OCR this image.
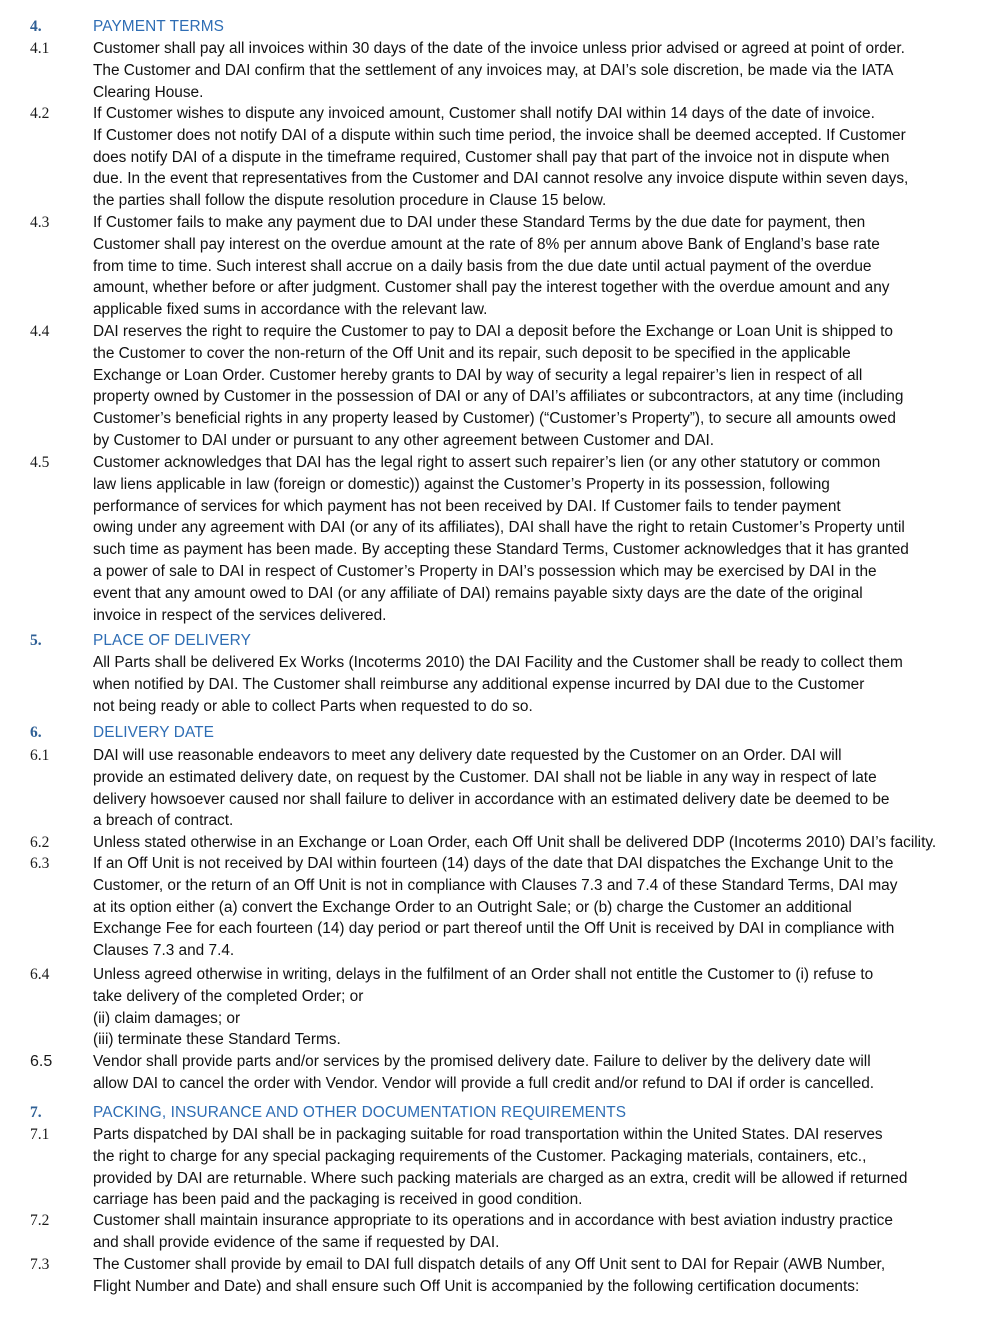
4.	PAYMENT TERMS
4.1	Customer shall pay all invoices within 30 days of the date of the invoice unless prior advised or agreed at point of order.
The Customer and DAI confirm that the settlement of any invoices may, at DAI’s sole discretion, be made via the IATA
Clearing House.

4.2	If Customer wishes to dispute any invoiced amount, Customer shall notify DAI within 14 days of the date of invoice.
If Customer does not notify DAI of a dispute within such time period, the invoice shall be deemed accepted. If Customer
does notify DAI of a dispute in the timeframe required, Customer shall pay that part of the invoice not in dispute when
due. In the event that representatives from the Customer and DAI cannot resolve any invoice dispute within seven days,
the parties shall follow the dispute resolution procedure in Clause 15 below.

4.3	If Customer fails to make any payment due to DAI under these Standard Terms by the due date for payment, then
Customer shall pay interest on the overdue amount at the rate of 8% per annum above Bank of England’s base rate
from time to time. Such interest shall accrue on a daily basis from the due date until actual payment of the overdue
amount, whether before or after judgment. Customer shall pay the interest together with the overdue amount and any
applicable fixed sums in accordance with the relevant law.

4.4	DAI reserves the right to require the Customer to pay to DAI a deposit before the Exchange or Loan Unit is shipped to
the Customer to cover the non-return of the Off Unit and its repair, such deposit to be specified in the applicable
Exchange or Loan Order. Customer hereby grants to DAI by way of security a legal repairer’s lien in respect of all
property owned by Customer in the possession of DAI or any of DAI’s affiliates or subcontractors, at any time (including
Customer’s beneficial rights in any property leased by Customer) (“Customer’s Property”), to secure all amounts owed
by Customer to DAI under or pursuant to any other agreement between Customer and DAI.

4.5	Customer acknowledges that DAI has the legal right to assert such repairer’s lien (or any other statutory or common
law liens applicable in law (foreign or domestic)) against the Customer’s Property in its possession, following
performance of services for which payment has not been received by DAI. If Customer fails to tender payment
owing under any agreement with DAI (or any of its affiliates), DAI shall have the right to retain Customer’s Property until
such time as payment has been made. By accepting these Standard Terms, Customer acknowledges that it has granted
a power of sale to DAI in respect of Customer’s Property in DAI’s possession which may be exercised by DAI in the
event that any amount owed to DAI (or any affiliate of DAI) remains payable sixty days are the date of the original
invoice in respect of the services delivered.

5.	PLACE OF DELIVERY

All Parts shall be delivered Ex Works (Incoterms 2010) the DAI Facility and the Customer shall be ready to collect them
when notified by DAI. The Customer shall reimburse any additional expense incurred by DAI due to the Customer
not being ready or able to collect Parts when requested to do so.

6.	DELIVERY DATE
6.1	DAI will use reasonable endeavors to meet any delivery date requested by the Customer on an Order. DAI will
provide an estimated delivery date, on request by the Customer. DAI shall not be liable in any way in respect of late
delivery howsoever caused nor shall failure to deliver in accordance with an estimated delivery date be deemed to be
a breach of contract.

6.2	Unless stated otherwise in an Exchange or Loan Order, each Off Unit shall be delivered DDP (Incoterms 2010) DAI’s facility.

6.3	If an Off Unit is not received by DAI within fourteen (14) days of the date that DAI dispatches the Exchange Unit to the
Customer, or the return of an Off Unit is not in compliance with Clauses 7.3 and 7.4 of these Standard Terms, DAI may
at its option either (a) convert the Exchange Order to an Outright Sale; or (b) charge the Customer an additional
Exchange Fee for each fourteen (14) day period or part thereof until the Off Unit is received by DAI in compliance with
Clauses 7.3 and 7.4.

6.4	Unless agreed otherwise in writing, delays in the fulfilment of an Order shall not entitle the Customer to (i) refuse to
take delivery of the completed Order; or
(ii) claim damages; or
(iii) terminate these Standard Terms.

6.5	Vendor shall provide parts and/or services by the promised delivery date. Failure to deliver by the delivery date will
allow DAI to cancel the order with Vendor. Vendor will provide a full credit and/or refund to DAI if order is cancelled.

7.	PACKING, INSURANCE AND OTHER DOCUMENTATION REQUIREMENTS
7.1	Parts dispatched by DAI shall be in packaging suitable for road transportation within the United States. DAI reserves
the right to charge for any special packaging requirements of the Customer. Packaging materials, containers, etc.,
provided by DAI are returnable. Where such packing materials are charged as an extra, credit will be allowed if returned
carriage has been paid and the packaging is received in good condition.

7.2	Customer shall maintain insurance appropriate to its operations and in accordance with best aviation industry practice
and shall provide evidence of the same if requested by DAI.

7.3	The Customer shall provide by email to DAI full dispatch details of any Off Unit sent to DAI for Repair (AWB Number,
Flight Number and Date) and shall ensure such Off Unit is accompanied by the following certification documents:
